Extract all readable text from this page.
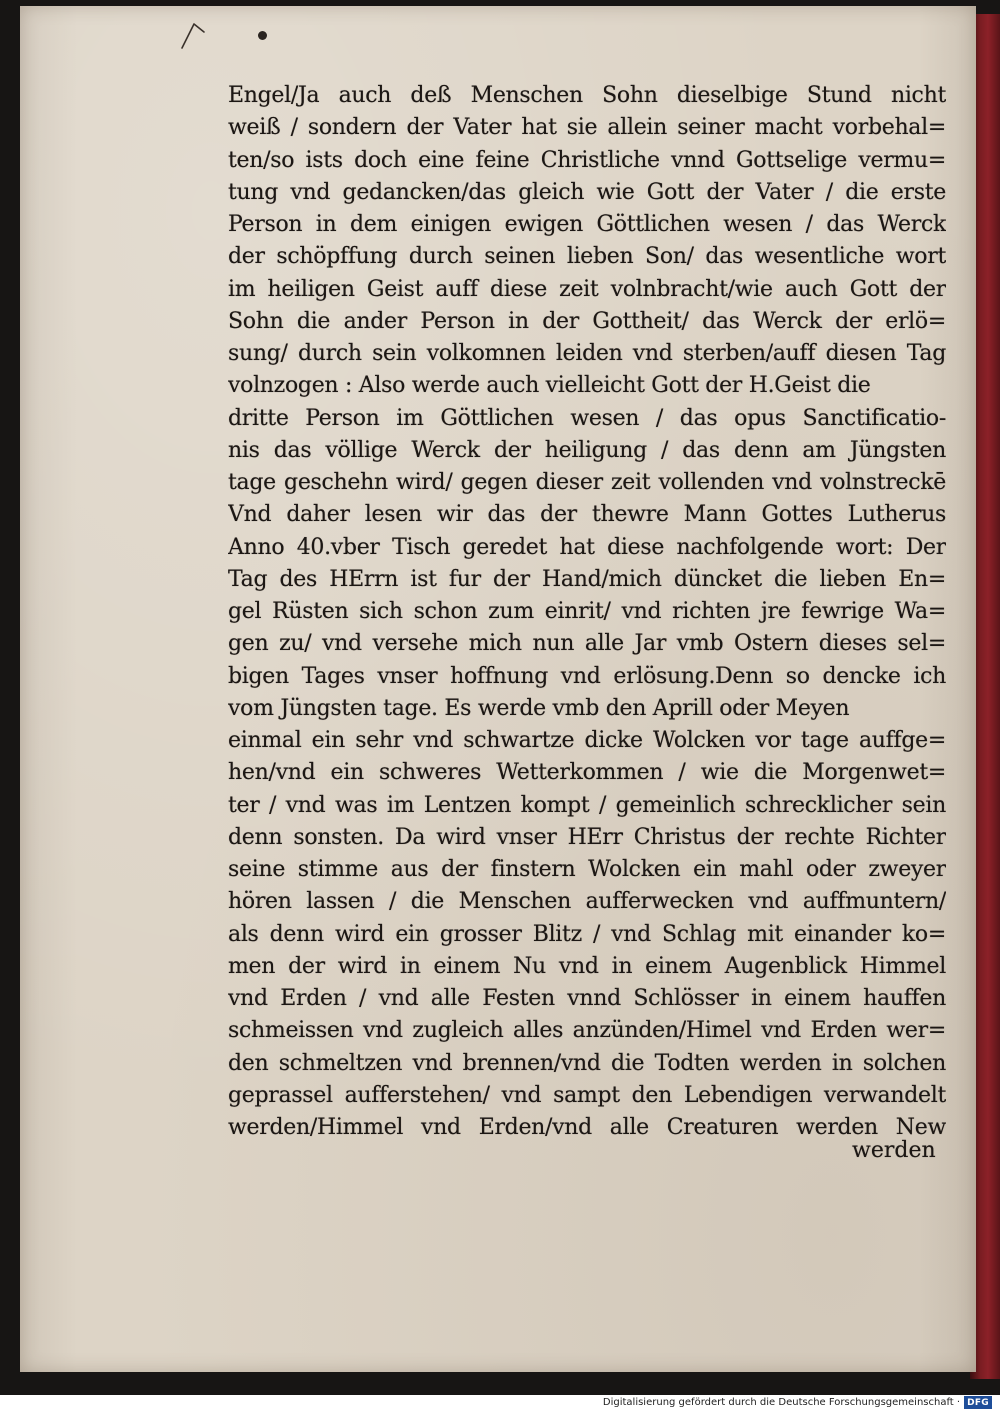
Engel/Ja auch deß Menschen Sohn dieselbige Stund nicht
weiß / sondern der Vater hat sie allein seiner macht vorbehal=
ten/so ists doch eine feine Christliche vnnd Gottselige vermu=
tung vnd gedancken/das gleich wie Gott der Vater / die erste
Person in dem einigen ewigen Göttlichen wesen / das Werck
der schöpffung durch seinen lieben Son/ das wesentliche wort
im heiligen Geist auff diese zeit volnbracht/wie auch Gott der
Sohn die ander Person in der Gottheit/ das Werck der erlö=
sung/ durch sein volkomnen leiden vnd sterben/auff diesen Tag
volnzogen : Also werde auch vielleicht Gott der H.Geist die
dritte Person im Göttlichen wesen / das opus Sanctificatio-
nis das völlige Werck der heiligung / das denn am Jüngsten
tage geschehn wird/ gegen dieser zeit vollenden vnd volnstreckē
Vnd daher lesen wir das der thewre Mann Gottes Lutherus
Anno 40.vber Tisch geredet hat diese nachfolgende wort: Der
Tag des HErrn ist fur der Hand/mich düncket die lieben En=
gel Rüsten sich schon zum einrit/ vnd richten jre fewrige Wa=
gen zu/ vnd versehe mich nun alle Jar vmb Ostern dieses sel=
bigen Tages vnser hoffnung vnd erlösung.Denn so dencke ich
vom Jüngsten tage. Es werde vmb den Aprill oder Meyen
einmal ein sehr vnd schwartze dicke Wolcken vor tage auffge=
hen/vnd ein schweres Wetterkommen / wie die Morgenwet=
ter / vnd was im Lentzen kompt / gemeinlich schrecklicher sein
denn sonsten. Da wird vnser HErr Christus der rechte Richter
seine stimme aus der finstern Wolcken ein mahl oder zweyer
hören lassen / die Menschen aufferwecken vnd auffmuntern/
als denn wird ein grosser Blitz / vnd Schlag mit einander ko=
men der wird in einem Nu vnd in einem Augenblick Himmel
vnd Erden / vnd alle Festen vnnd Schlösser in einem hauffen
schmeissen vnd zugleich alles anzünden/Himel vnd Erden wer=
den schmeltzen vnd brennen/vnd die Todten werden in solchen
geprassel aufferstehen/ vnd sampt den Lebendigen verwandelt
werden/Himmel vnd Erden/vnd alle Creaturen werden New
werden
Digitalisierung gefördert durch die Deutsche Forschungsgemeinschaft · DFG
